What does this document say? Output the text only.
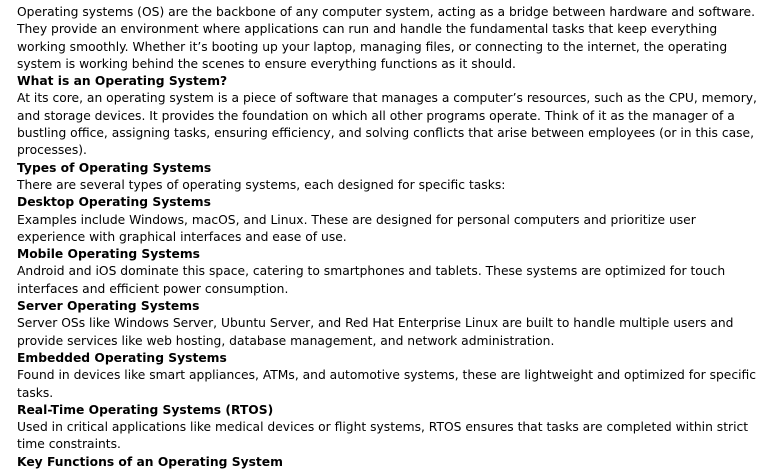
Operating systems (OS) are the backbone of any computer system, acting as a bridge between hardware and software. They provide an environment where applications can run and handle the fundamental tasks that keep everything working smoothly. Whether it’s booting up your laptop, managing files, or connecting to the internet, the operating system is working behind the scenes to ensure everything functions as it should.

What is an Operating System?

At its core, an operating system is a piece of software that manages a computer’s resources, such as the CPU, memory, and storage devices. It provides the foundation on which all other programs operate. Think of it as the manager of a bustling office, assigning tasks, ensuring efficiency, and solving conflicts that arise between employees (or in this case, processes).

Types of Operating Systems

There are several types of operating systems, each designed for specific tasks:

Desktop Operating Systems

Examples include Windows, macOS, and Linux. These are designed for personal computers and prioritize user experience with graphical interfaces and ease of use.

Mobile Operating Systems

Android and iOS dominate this space, catering to smartphones and tablets. These systems are optimized for touch interfaces and efficient power consumption.

Server Operating Systems

Server OSs like Windows Server, Ubuntu Server, and Red Hat Enterprise Linux are built to handle multiple users and provide services like web hosting, database management, and network administration.

Embedded Operating Systems

Found in devices like smart appliances, ATMs, and automotive systems, these are lightweight and optimized for specific tasks.

Real-Time Operating Systems (RTOS)

Used in critical applications like medical devices or flight systems, RTOS ensures that tasks are completed within strict time constraints.

Key Functions of an Operating System
